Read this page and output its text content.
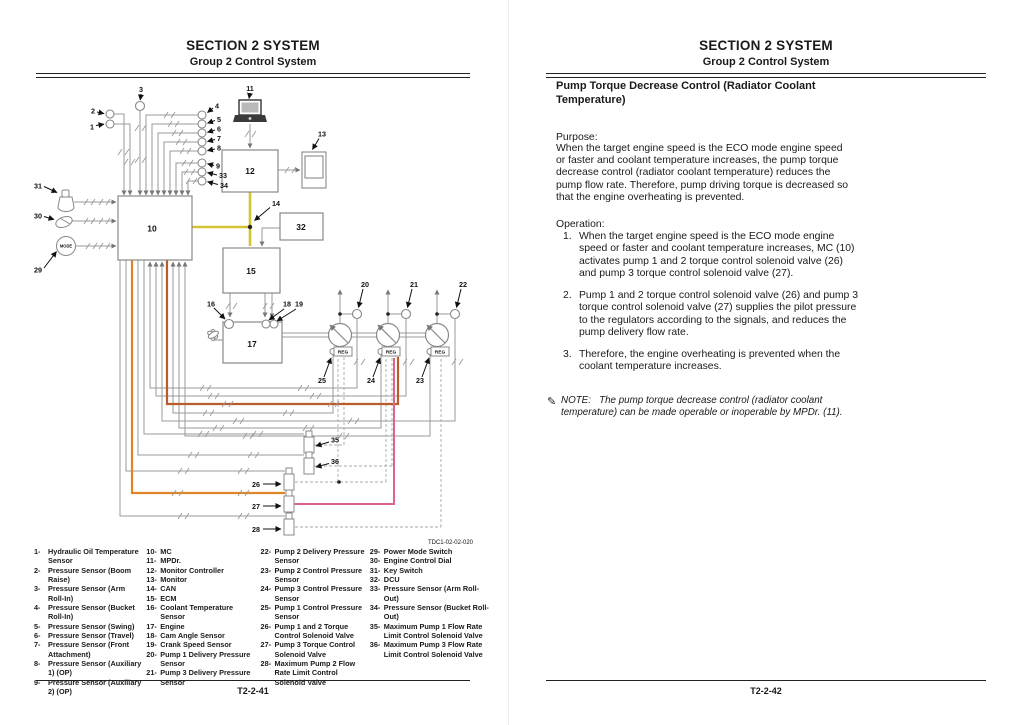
SECTION 2 SYSTEM
Group 2 Control System
REG	REG	REG
MODE
2
1
3
4
5
6
7
8
9
33
34
31
30
29
11
13
14
10
12
32
15
17
16	18 19
20	21	22
25	24	23
35
36
26
27
28
TDC1-02-02-020
1-	Hydraulic Oil Temperature Sensor
2-	Pressure Sensor (Boom Raise)
3-	Pressure Sensor (Arm Roll-In)
4-	Pressure Sensor (Bucket Roll-In)
5-	Pressure Sensor (Swing)
6-	Pressure Sensor (Travel)
7-	Pressure Sensor (Front Attachment)
8-	Pressure Sensor (Auxiliary 1) (OP)
9-	Pressure Sensor (Auxiliary 2) (OP)
10- MC
11- MPDr.
12- Monitor Controller
13- Monitor
14- CAN
15- ECM
16- Coolant Temperature Sensor
17- Engine
18- Cam Angle Sensor
19- Crank Speed Sensor
20- Pump 1 Delivery Pressure Sensor
21- Pump 3 Delivery Pressure Sensor
22- Pump 2 Delivery Pressure Sensor
23- Pump 2 Control Pressure Sensor
24- Pump 3 Control Pressure Sensor
25- Pump 1 Control Pressure Sensor
26- Pump 1 and 2 Torque Control Solenoid Valve
27- Pump 3 Torque Control Solenoid Valve
28- Maximum Pump 2 Flow Rate Limit Control Solenoid Valve
29- Power Mode Switch
30- Engine Control Dial
31- Key Switch
32- DCU
33- Pressure Sensor (Arm Roll-Out)
34- Pressure Sensor (Bucket Roll-Out)
35- Maximum Pump 1 Flow Rate Limit Control Solenoid Valve
36- Maximum Pump 3 Flow Rate Limit Control Solenoid Valve
T2-2-41
SECTION 2 SYSTEM
Group 2 Control System
Pump Torque Decrease Control (Radiator Coolant Temperature)

Purpose:

When the target engine speed is the ECO mode engine speed or faster and coolant temperature increases, the pump torque decrease control (radiator coolant temperature) reduces the pump flow rate. Therefore, pump driving torque is decreased so that the engine overheating is prevented.

Operation:

1. When the target engine speed is the ECO mode engine speed or faster and coolant temperature increases, MC (10) activates pump 1 and 2 torque control solenoid valve (26) and pump 3 torque control solenoid valve (27).
2. Pump 1 and 2 torque control solenoid valve (26) and pump 3 torque control solenoid valve (27) supplies the pilot pressure to the regulators according to the signals, and reduces the pump delivery flow rate.
3. Therefore, the engine overheating is prevented when the coolant temperature increases.
✎ NOTE: The pump torque decrease control (radiator coolant temperature) can be made operable or inoperable by MPDr. (11).
T2-2-42
